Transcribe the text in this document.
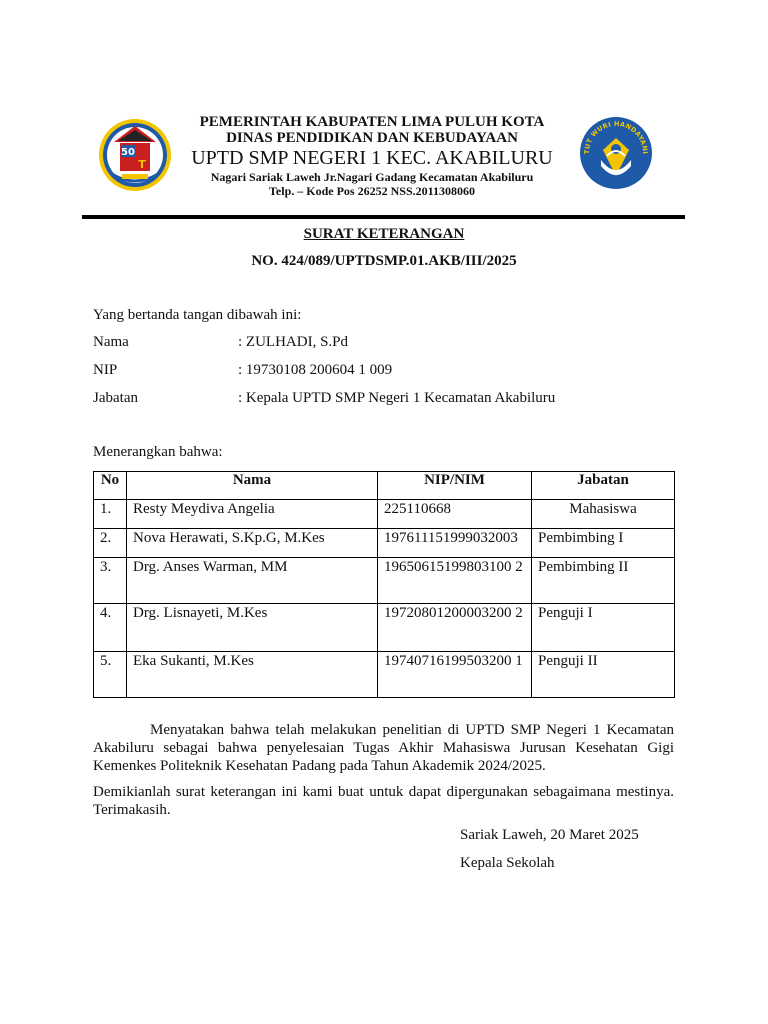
50
T
TUT WURI HANDAYANI
PEMERINTAH KABUPATEN LIMA PULUH KOTA
DINAS PENDIDIKAN DAN KEBUDAYAAN
UPTD SMP NEGERI 1 KEC. AKABILURU
Nagari Sariak Laweh Jr.Nagari Gadang Kecamatan Akabiluru
Telp. – Kode Pos 26252 NSS.2011308060
SURAT KETERANGAN
NO. 424/089/UPTDSMP.01.AKB/III/2025
Yang bertanda tangan dibawah ini:
Nama	: ZULHADI, S.Pd
NIP	: 19730108 200604 1 009
Jabatan	: Kepala UPTD SMP Negeri 1 Kecamatan Akabiluru
Menerangkan bahwa:
No	Nama	NIP/NIM	Jabatan
1.	Resty Meydiva Angelia	225110668	Mahasiswa
2.	Nova Herawati, S.Kp.G, M.Kes	197611151999032003	Pembimbing I
3.	Drg. Anses Warman, MM	19650615199803100 2	Pembimbing II
4.	Drg. Lisnayeti, M.Kes	19720801200003200 2	Penguji I
5.	Eka Sukanti, M.Kes	19740716199503200 1	Penguji II
Menyatakan bahwa telah melakukan penelitian di UPTD SMP Negeri 1 Kecamatan Akabiluru sebagai bahwa penyelesaian Tugas Akhir Mahasiswa Jurusan Kesehatan Gigi Kemenkes Politeknik Kesehatan Padang pada Tahun Akademik 2024/2025.
Demikianlah surat keterangan ini kami buat untuk dapat dipergunakan sebagaimana mestinya. Terimakasih.
Sariak Laweh, 20 Maret 2025
Kepala Sekolah
